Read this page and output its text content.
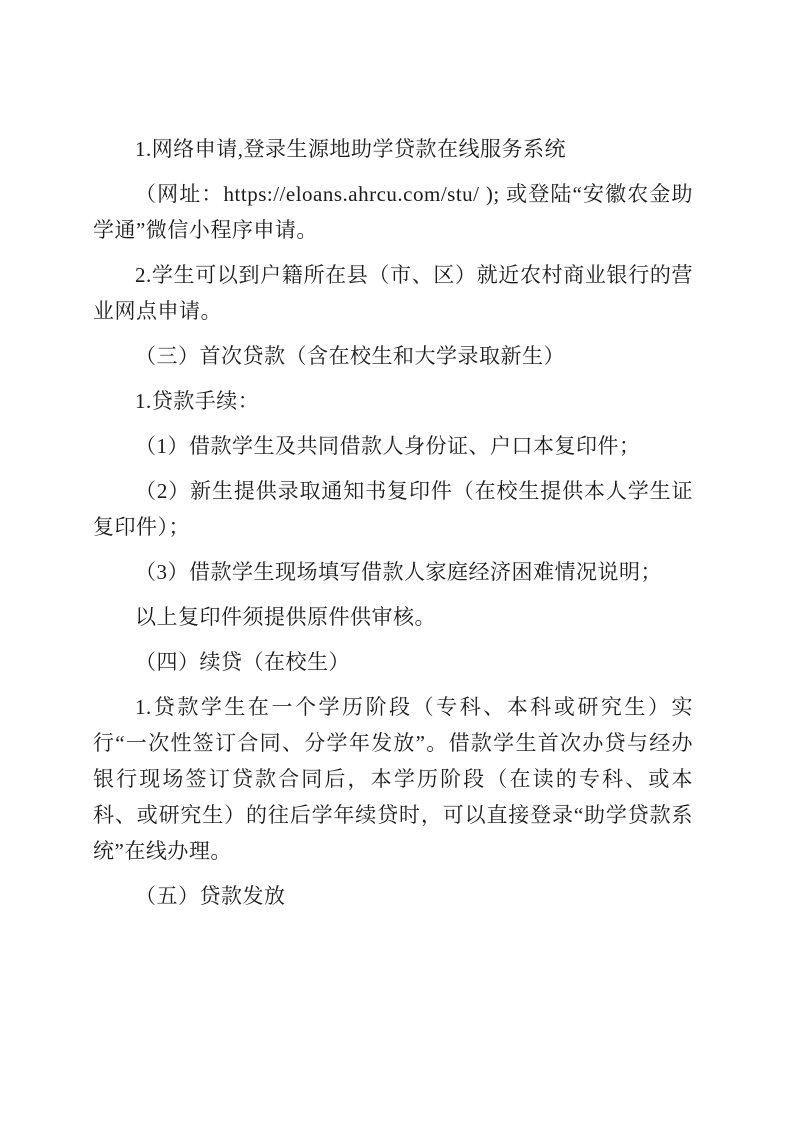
1.网络申请,登录生源地助学贷款在线服务系统

（网址：https://eloans.ahrcu.com/stu/ ); 或登陆“安徽农金助学通”微信小程序申请。

2.学生可以到户籍所在县（市、区）就近农村商业银行的营业网点申请。

（三）首次贷款（含在校生和大学录取新生）

1.贷款手续：

（1）借款学生及共同借款人身份证、户口本复印件；

（2）新生提供录取通知书复印件（在校生提供本人学生证复印件）；

（3）借款学生现场填写借款人家庭经济困难情况说明；

以上复印件须提供原件供审核。

（四）续贷（在校生）

1.贷款学生在一个学历阶段（专科、本科或研究生）实行“一次性签订合同、分学年发放”。借款学生首次办贷与经办银行现场签订贷款合同后，本学历阶段（在读的专科、或本科、或研究生）的往后学年续贷时，可以直接登录“助学贷款系统”在线办理。

（五）贷款发放
